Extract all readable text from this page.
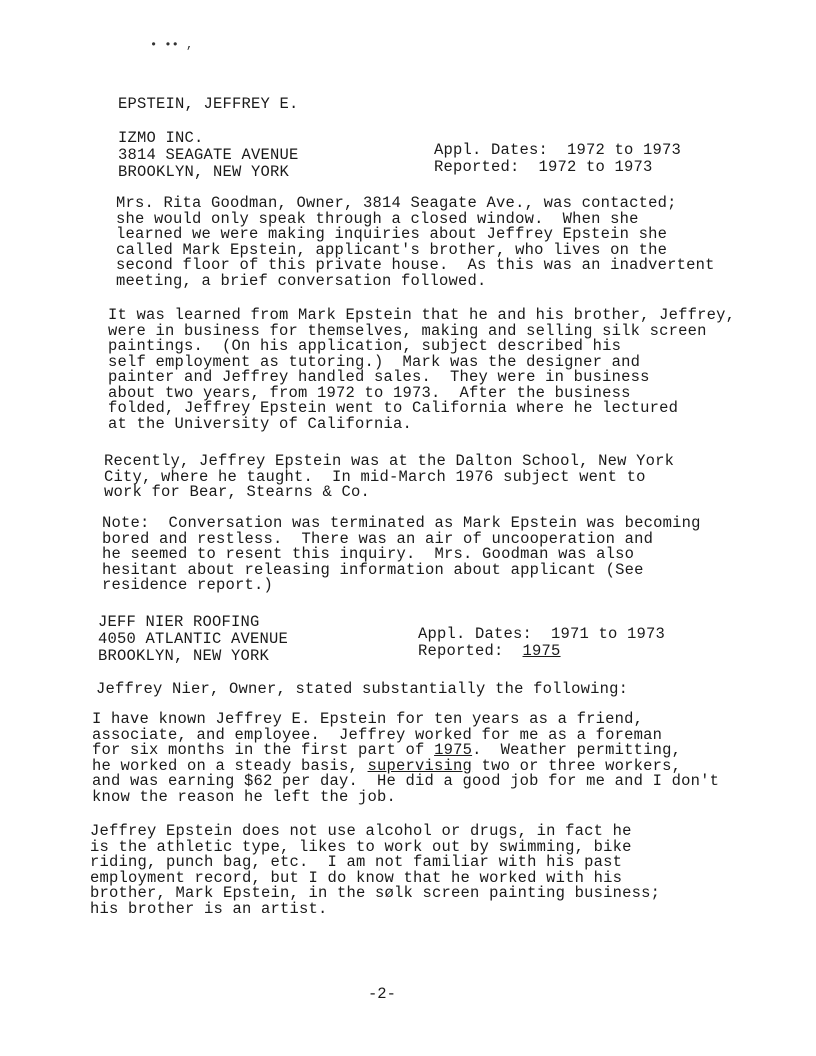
• •• ,
EPSTEIN, JEFFREY E.
IZMO INC.
3814 SEAGATE AVENUE
BROOKLYN, NEW YORK
Appl. Dates:  1972 to 1973
Reported:  1972 to 1973
Mrs. Rita Goodman, Owner, 3814 Seagate Ave., was contacted;
she would only speak through a closed window.  When she
learned we were making inquiries about Jeffrey Epstein she
called Mark Epstein, applicant's brother, who lives on the
second floor of this private house.  As this was an inadvertent
meeting, a brief conversation followed.
It was learned from Mark Epstein that he and his brother, Jeffrey,
were in business for themselves, making and selling silk screen
paintings.  (On his application, subject described his
self employment as tutoring.)  Mark was the designer and
painter and Jeffrey handled sales.  They were in business
about two years, from 1972 to 1973.  After the business
folded, Jeffrey Epstein went to California where he lectured
at the University of California.
Recently, Jeffrey Epstein was at the Dalton School, New York
City, where he taught.  In mid-March 1976 subject went to
work for Bear, Stearns & Co.
Note:  Conversation was terminated as Mark Epstein was becoming
bored and restless.  There was an air of uncooperation and
he seemed to resent this inquiry.  Mrs. Goodman was also
hesitant about releasing information about applicant (See
residence report.)
JEFF NIER ROOFING
4050 ATLANTIC AVENUE
BROOKLYN, NEW YORK
Appl. Dates:  1971 to 1973
Reported: 1975
Jeffrey Nier, Owner, stated substantially the following:
I have known Jeffrey E. Epstein for ten years as a friend,
associate, and employee.  Jeffrey worked for me as a foreman
for six months in the first part of 1975.  Weather permitting,
he worked on a steady basis, supervising two or three workers,
and was earning $62 per day.  He did a good job for me and I don't
know the reason he left the job.
Jeffrey Epstein does not use alcohol or drugs, in fact he
is the athletic type, likes to work out by swimming, bike
riding, punch bag, etc.  I am not familiar with his past
employment record, but I do know that he worked with his
brother, Mark Epstein, in the sølk screen painting business;
his brother is an artist.
-2-
